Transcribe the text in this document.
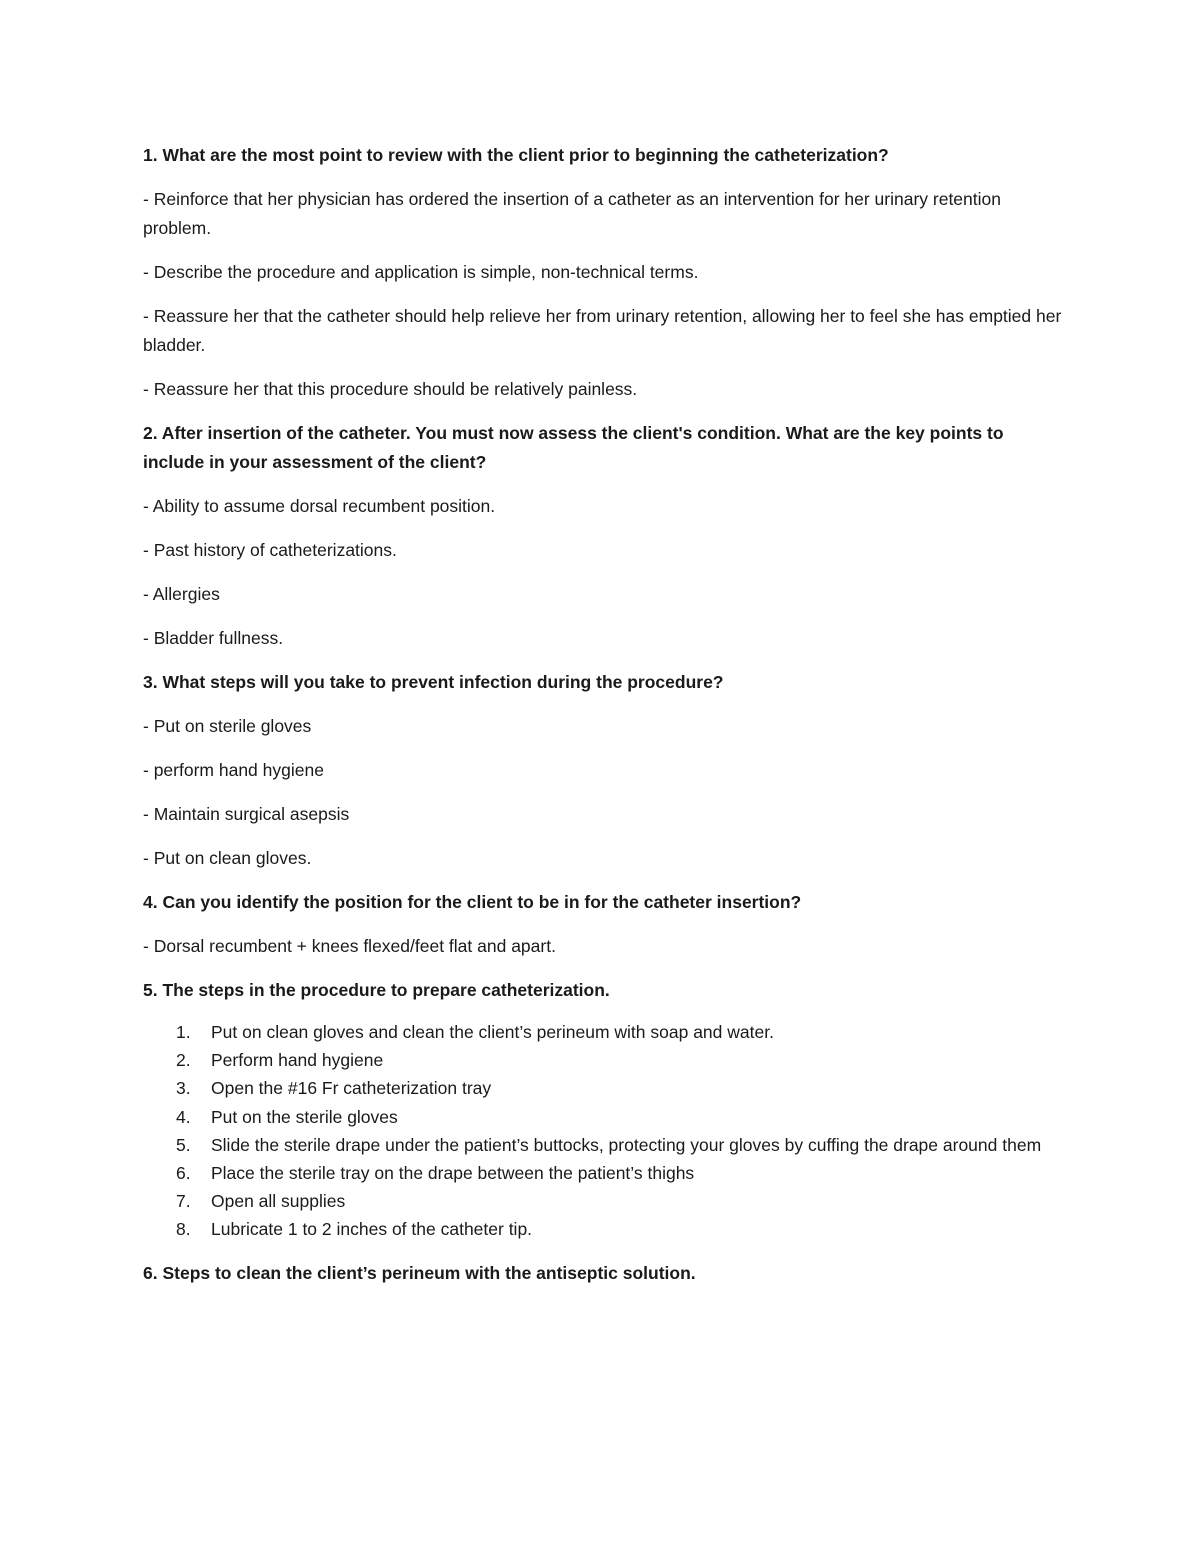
1. What are the most point to review with the client prior to beginning the catheterization?

- Reinforce that her physician has ordered the insertion of a catheter as an intervention for her urinary retention problem.

- Describe the procedure and application is simple, non-technical terms.

- Reassure her that the catheter should help relieve her from urinary retention, allowing her to feel she has emptied her bladder.

- Reassure her that this procedure should be relatively painless.

2. After insertion of the catheter. You must now assess the client's condition. What are the key points to include in your assessment of the client?

- Ability to assume dorsal recumbent position.

- Past history of catheterizations.

- Allergies

- Bladder fullness.

3. What steps will you take to prevent infection during the procedure?

- Put on sterile gloves

- perform hand hygiene

- Maintain surgical asepsis

- Put on clean gloves.

4. Can you identify the position for the client to be in for the catheter insertion?

- Dorsal recumbent + knees flexed/feet flat and apart.

5. The steps in the procedure to prepare catheterization.

1. Put on clean gloves and clean the client’s perineum with soap and water.
2. Perform hand hygiene
3. Open the #16 Fr catheterization tray
4. Put on the sterile gloves
5. Slide the sterile drape under the patient’s buttocks, protecting your gloves by cuffing the drape around them
6. Place the sterile tray on the drape between the patient’s thighs
7. Open all supplies
8. Lubricate 1 to 2 inches of the catheter tip.

6. Steps to clean the client’s perineum with the antiseptic solution.
